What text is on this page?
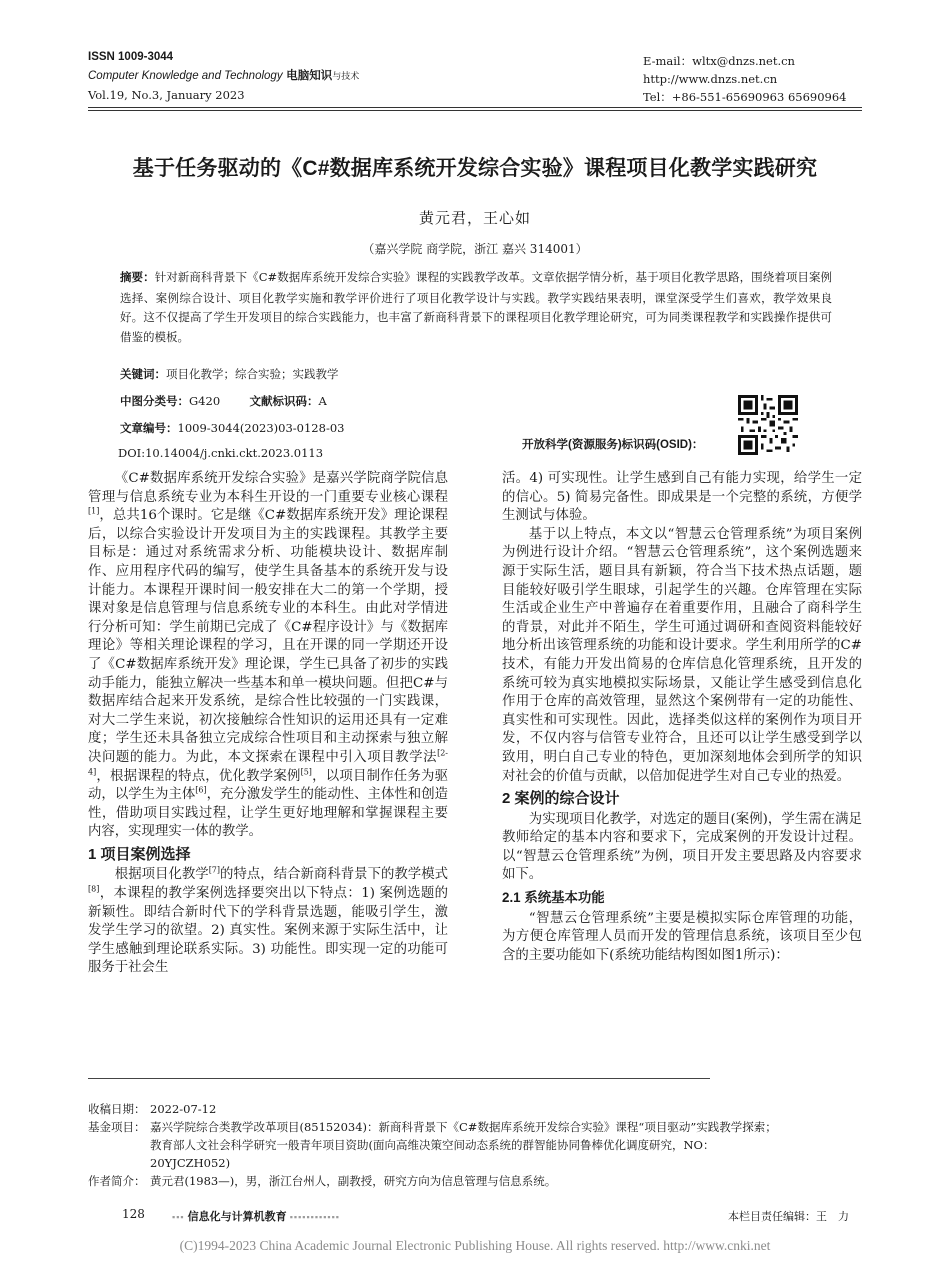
ISSN 1009-3044
Computer Knowledge and Technology 电脑知识与技术
Vol.19, No.3, January 2023
E-mail：wltx@dnzs.net.cn
http://www.dnzs.net.cn
Tel：+86-551-65690963 65690964
基于任务驱动的《C#数据库系统开发综合实验》课程项目化教学实践研究
黄元君，王心如
（嘉兴学院 商学院，浙江 嘉兴 314001）
摘要：针对新商科背景下《C#数据库系统开发综合实验》课程的实践教学改革。文章依据学情分析，基于项目化教学思路，围绕着项目案例选择、案例综合设计、项目化教学实施和教学评价进行了项目化教学设计与实践。教学实践结果表明，课堂深受学生们喜欢，教学效果良好。这不仅提高了学生开发项目的综合实践能力，也丰富了新商科背景下的课程项目化教学理论研究，可为同类课程教学和实践操作提供可借鉴的模板。
关键词：项目化教学；综合实验；实践教学
中图分类号：G420	文献标识码：A
文章编号：1009-3044(2023)03-0128-03
DOI:10.14004/j.cnki.ckt.2023.0113
开放科学(资源服务)标识码(OSID)：

《C#数据库系统开发综合实验》是嘉兴学院商学院信息管理与信息系统专业为本科生开设的一门重要专业核心课程[1]，总共16个课时。它是继《C#数据库系统开发》理论课程后，以综合实验设计开发项目为主的实践课程。其教学主要目标是：通过对系统需求分析、功能模块设计、数据库制作、应用程序代码的编写，使学生具备基本的系统开发与设计能力。本课程开课时间一般安排在大二的第一个学期，授课对象是信息管理与信息系统专业的本科生。由此对学情进行分析可知：学生前期已完成了《C#程序设计》与《数据库理论》等相关理论课程的学习，且在开课的同一学期还开设了《C#数据库系统开发》理论课，学生已具备了初步的实践动手能力，能独立解决一些基本和单一模块问题。但把C#与数据库结合起来开发系统，是综合性比较强的一门实践课，对大二学生来说，初次接触综合性知识的运用还具有一定难度；学生还未具备独立完成综合性项目和主动探索与独立解决问题的能力。为此，本文探索在课程中引入项目教学法[2-4]，根据课程的特点，优化教学案例[5]，以项目制作任务为驱动，以学生为主体[6]，充分激发学生的能动性、主体性和创造性，借助项目实践过程，让学生更好地理解和掌握课程主要内容，实现理实一体的教学。

1 项目案例选择

根据项目化教学[7]的特点，结合新商科背景下的教学模式[8]，本课程的教学案例选择要突出以下特点：1) 案例选题的新颖性。即结合新时代下的学科背景选题，能吸引学生，激发学生学习的欲望。2) 真实性。案例来源于实际生活中，让学生感触到理论联系实际。3) 功能性。即实现一定的功能可服务于社会生

活。4) 可实现性。让学生感到自己有能力实现，给学生一定的信心。5) 简易完备性。即成果是一个完整的系统，方便学生测试与体验。

基于以上特点，本文以“智慧云仓管理系统”为项目案例为例进行设计介绍。“智慧云仓管理系统”，这个案例选题来源于实际生活，题目具有新颖，符合当下技术热点话题，题目能较好吸引学生眼球，引起学生的兴趣。仓库管理在实际生活或企业生产中普遍存在着重要作用，且融合了商科学生的背景，对此并不陌生，学生可通过调研和查阅资料能较好地分析出该管理系统的功能和设计要求。学生利用所学的C#技术，有能力开发出简易的仓库信息化管理系统，且开发的系统可较为真实地模拟实际场景，又能让学生感受到信息化作用于仓库的高效管理，显然这个案例带有一定的功能性、真实性和可实现性。因此，选择类似这样的案例作为项目开发，不仅内容与信管专业符合，且还可以让学生感受到学以致用，明白自己专业的特色，更加深刻地体会到所学的知识对社会的价值与贡献，以倍加促进学生对自己专业的热爱。

2 案例的综合设计

为实现项目化教学，对选定的题目(案例)，学生需在满足教师给定的基本内容和要求下，完成案例的开发设计过程。以“智慧云仓管理系统”为例，项目开发主要思路及内容要求如下。

2.1 系统基本功能

“智慧云仓管理系统”主要是模拟实际仓库管理的功能，为方便仓库管理人员而开发的管理信息系统，该项目至少包含的主要功能如下(系统功能结构图如图1所示)：

收稿日期： 2022-07-12
基金项目： 嘉兴学院综合类教学改革项目(85152034)：新商科背景下《C#数据库系统开发综合实验》课程“项目驱动”实践教学探索；
教育部人文社会科学研究一般青年项目资助(面向高维决策空间动态系统的群智能协同鲁棒优化调度研究，NO：
20YJCZH052)
作者简介： 黄元君(1983—)，男，浙江台州人，副教授，研究方向为信息管理与信息系统。
128	▪▪▪ 信息化与计算机教育 ▪▪▪▪▪▪▪▪▪▪▪▪	本栏目责任编辑：王　力
(C)1994-2023 China Academic Journal Electronic Publishing House. All rights reserved. http://www.cnki.net
